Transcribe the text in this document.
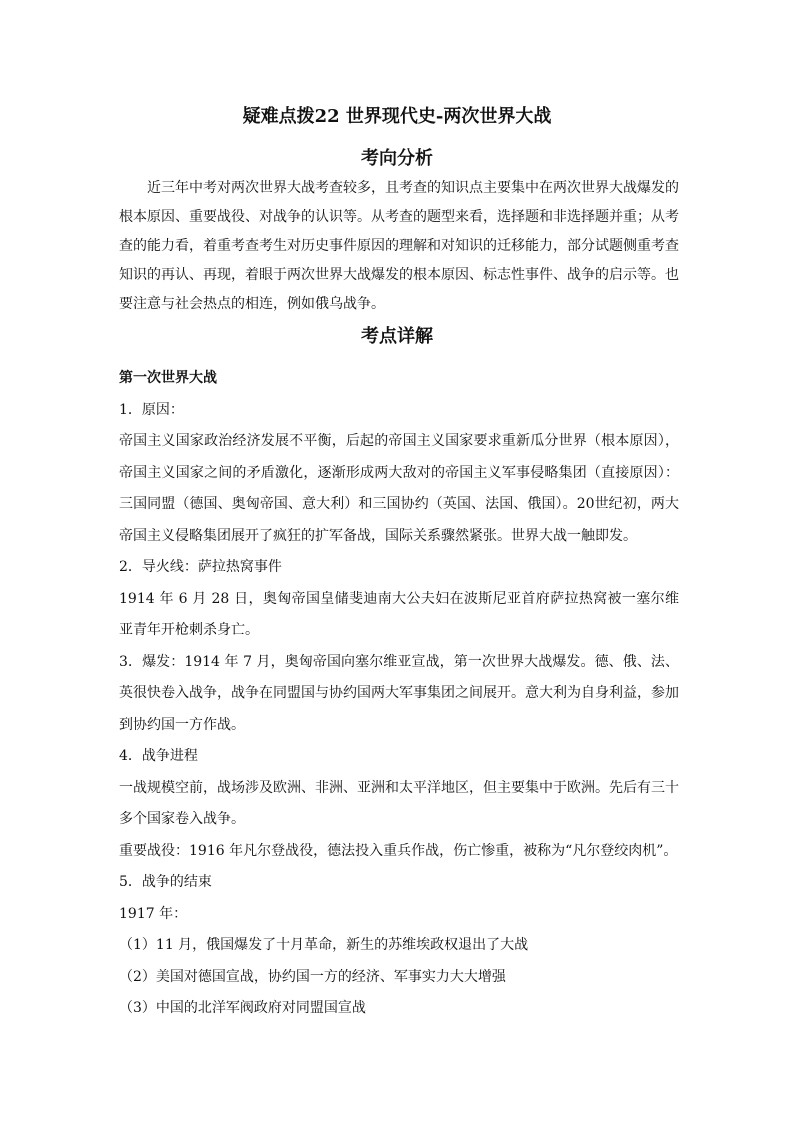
疑难点拨22 世界现代史-两次世界大战
考向分析

近三年中考对两次世界大战考查较多，且考查的知识点主要集中在两次世界大战爆发的根本原因、重要战役、对战争的认识等。从考查的题型来看，选择题和非选择题并重；从考查的能力看，着重考查考生对历史事件原因的理解和对知识的迁移能力，部分试题侧重考查知识的再认、再现，着眼于两次世界大战爆发的根本原因、标志性事件、战争的启示等。也要注意与社会热点的相连，例如俄乌战争。

考点详解
第一次世界大战
1．原因：

帝国主义国家政治经济发展不平衡，后起的帝国主义国家要求重新瓜分世界（根本原因），帝国主义国家之间的矛盾激化，逐渐形成两大敌对的帝国主义军事侵略集团（直接原因）：三国同盟（德国、奥匈帝国、意大利）和三国协约（英国、法国、俄国）。20世纪初，两大帝国主义侵略集团展开了疯狂的扩军备战，国际关系骤然紧张。世界大战一触即发。

2．导火线：萨拉热窝事件

1914 年 6 月 28 日，奥匈帝国皇储斐迪南大公夫妇在波斯尼亚首府萨拉热窝被一塞尔维亚青年开枪刺杀身亡。

3．爆发：1914 年 7 月，奥匈帝国向塞尔维亚宣战，第一次世界大战爆发。德、俄、法、英很快卷入战争，战争在同盟国与协约国两大军事集团之间展开。意大利为自身利益，参加到协约国一方作战。

4．战争进程

一战规模空前，战场涉及欧洲、非洲、亚洲和太平洋地区，但主要集中于欧洲。先后有三十多个国家卷入战争。

重要战役：1916 年凡尔登战役，德法投入重兵作战，伤亡惨重，被称为“凡尔登绞肉机”。
5．战争的结束
1917 年：
（1）11 月，俄国爆发了十月革命，新生的苏维埃政权退出了大战
（2）美国对德国宣战，协约国一方的经济、军事实力大大增强
（3）中国的北洋军阀政府对同盟国宣战
